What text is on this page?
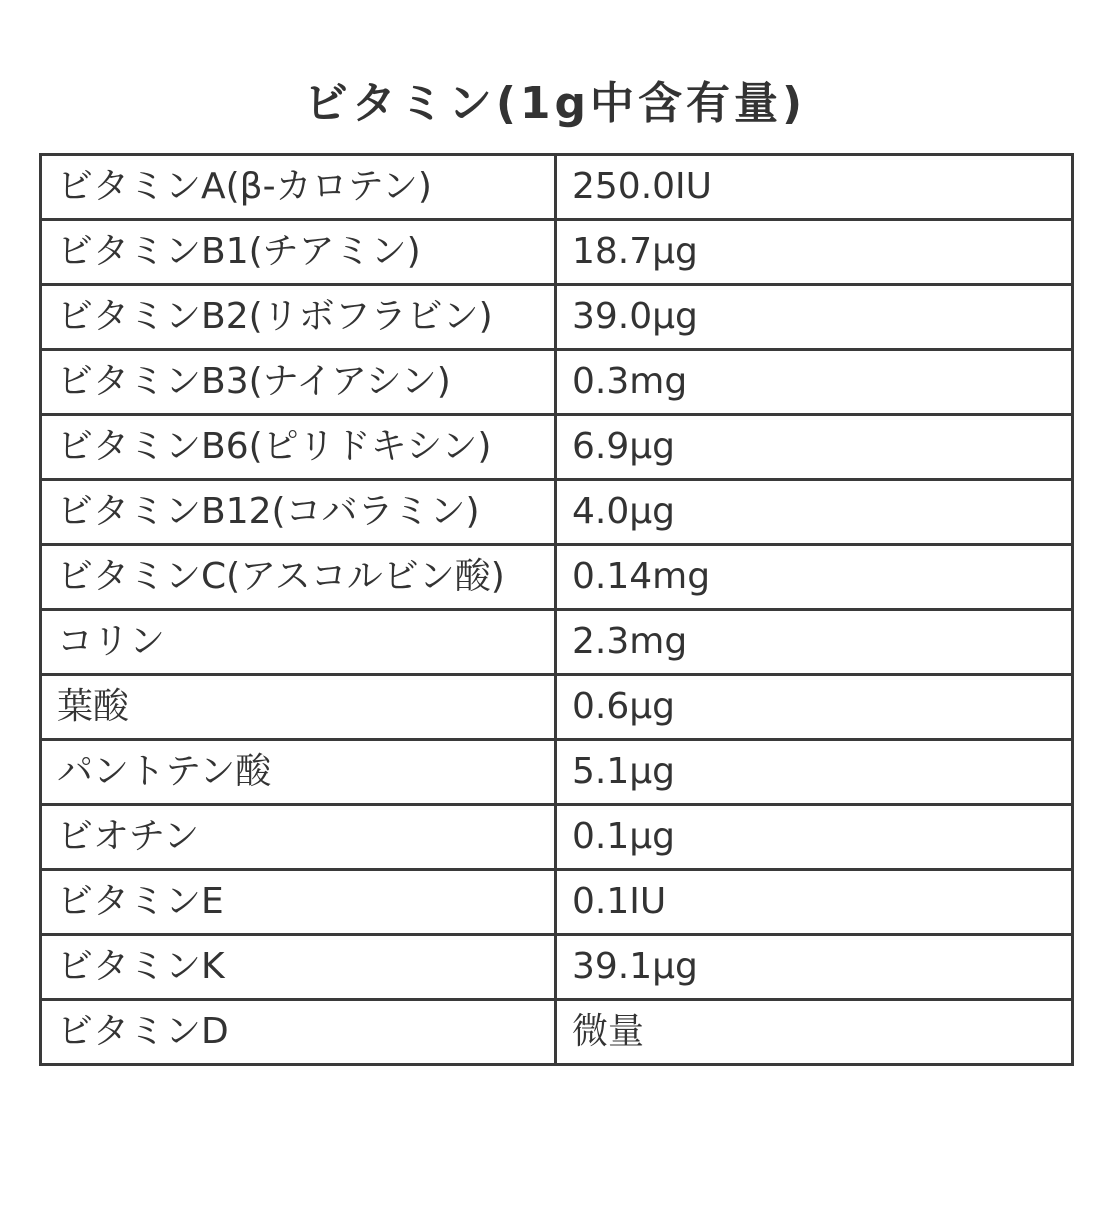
ビタミン(1g中含有量)
ビタミンA(β-カロテン)	250.0IU
ビタミンB1(チアミン)	18.7μg
ビタミンB2(リボフラビン)	39.0μg
ビタミンB3(ナイアシン)	0.3mg
ビタミンB6(ピリドキシン)	6.9μg
ビタミンB12(コバラミン)	4.0μg
ビタミンC(アスコルビン酸)	0.14mg
コリン	2.3mg
葉酸	0.6μg
パントテン酸	5.1μg
ビオチン	0.1μg
ビタミンE	0.1IU
ビタミンK	39.1μg
ビタミンD	微量
